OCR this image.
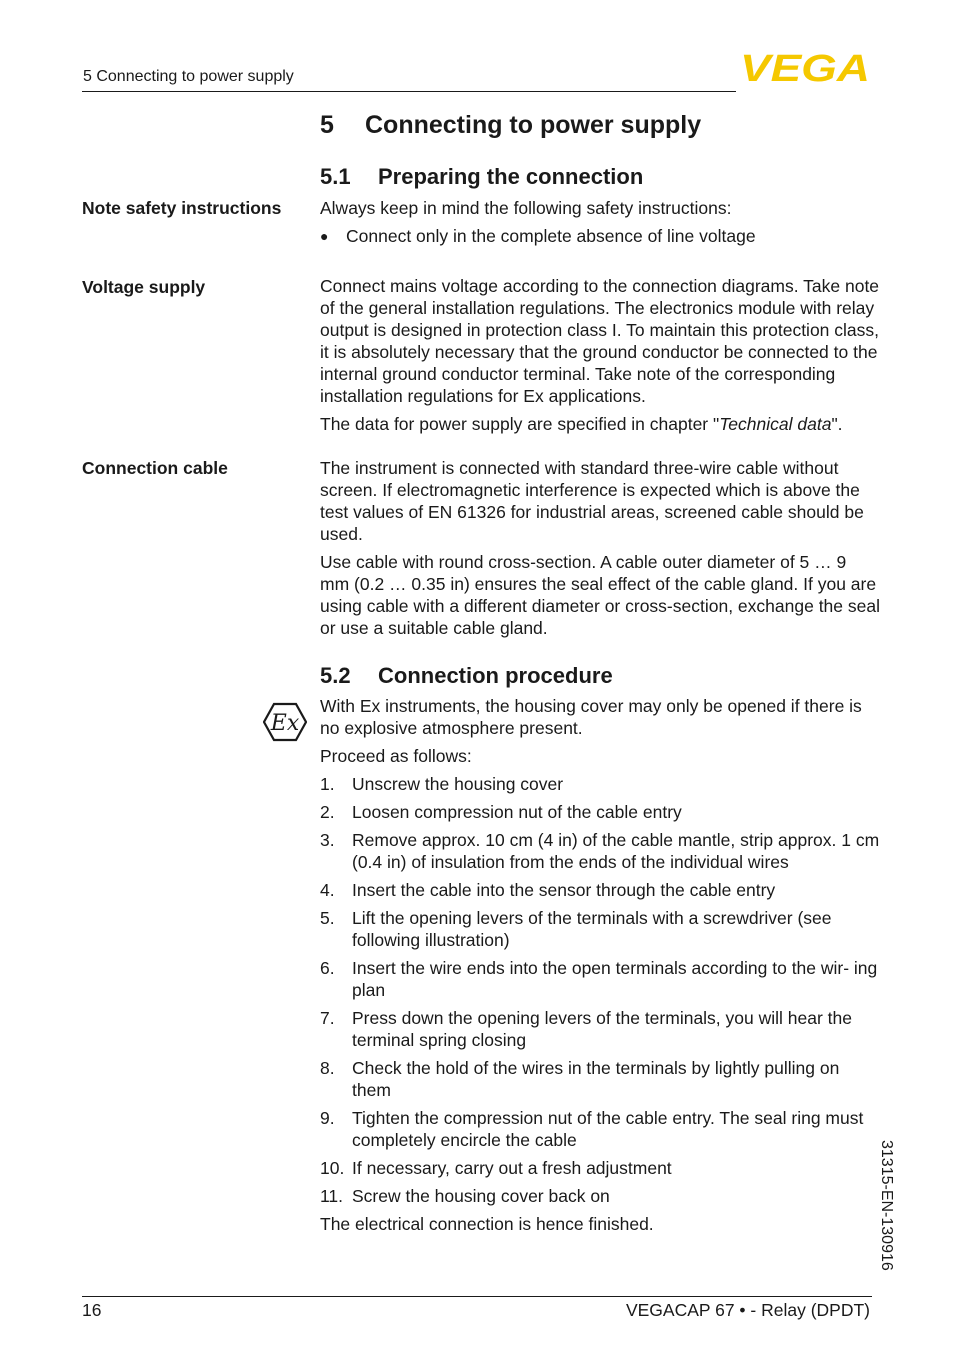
5 Connecting to power supply	VEGA
5 Connecting to power supply
5.1 Preparing the connection
Note safety instructions Always keep in mind the following safety instructions:

●	Connect only in the complete absence of line voltage
Voltage supply	Connect mains voltage according to the connection diagrams. Take note of the general installation regulations. The electronics module with relay output is designed in protection class I. To maintain this protection class, it is absolutely necessary that the ground conductor be connected to the internal ground conductor terminal. Take note of the corresponding installation regulations for Ex applications.

The data for power supply are specified in chapter "Technical data".

Connection cable	The instrument is connected with standard three-wire cable without screen. If electromagnetic interference is expected which is above the test values of EN 61326 for industrial areas, screened cable should be used.

Use cable with round cross-section. A cable outer diameter of 5 … 9 mm (0.2 … 0.35 in) ensures the seal effect of the cable gland. If you are using cable with a different diameter or cross-section, exchange the seal or use a suitable cable gland.

5.2 Connection procedure
Ex

With Ex instruments, the housing cover may only be opened if there is no explosive atmosphere present.

Proceed as follows:

1. Unscrew the housing cover
2. Loosen compression nut of the cable entry
3. Remove approx. 10 cm (4 in) of the cable mantle, strip approx. 1 cm (0.4 in) of insulation from the ends of the individual wires
4. Insert the cable into the sensor through the cable entry
5. Lift the opening levers of the terminals with a screwdriver (see following illustration)
6. Insert the wire ends into the open terminals according to the wir- ing plan
7. Press down the opening levers of the terminals, you will hear the terminal spring closing
8. Check the hold of the wires in the terminals by lightly pulling on them
9. Tighten the compression nut of the cable entry. The seal ring must completely encircle the cable
10. If necessary, carry out a fresh adjustment
11. Screw the housing cover back on

The electrical connection is hence finished.	31315-EN-130916
16	VEGACAP 67 • - Relay (DPDT)
